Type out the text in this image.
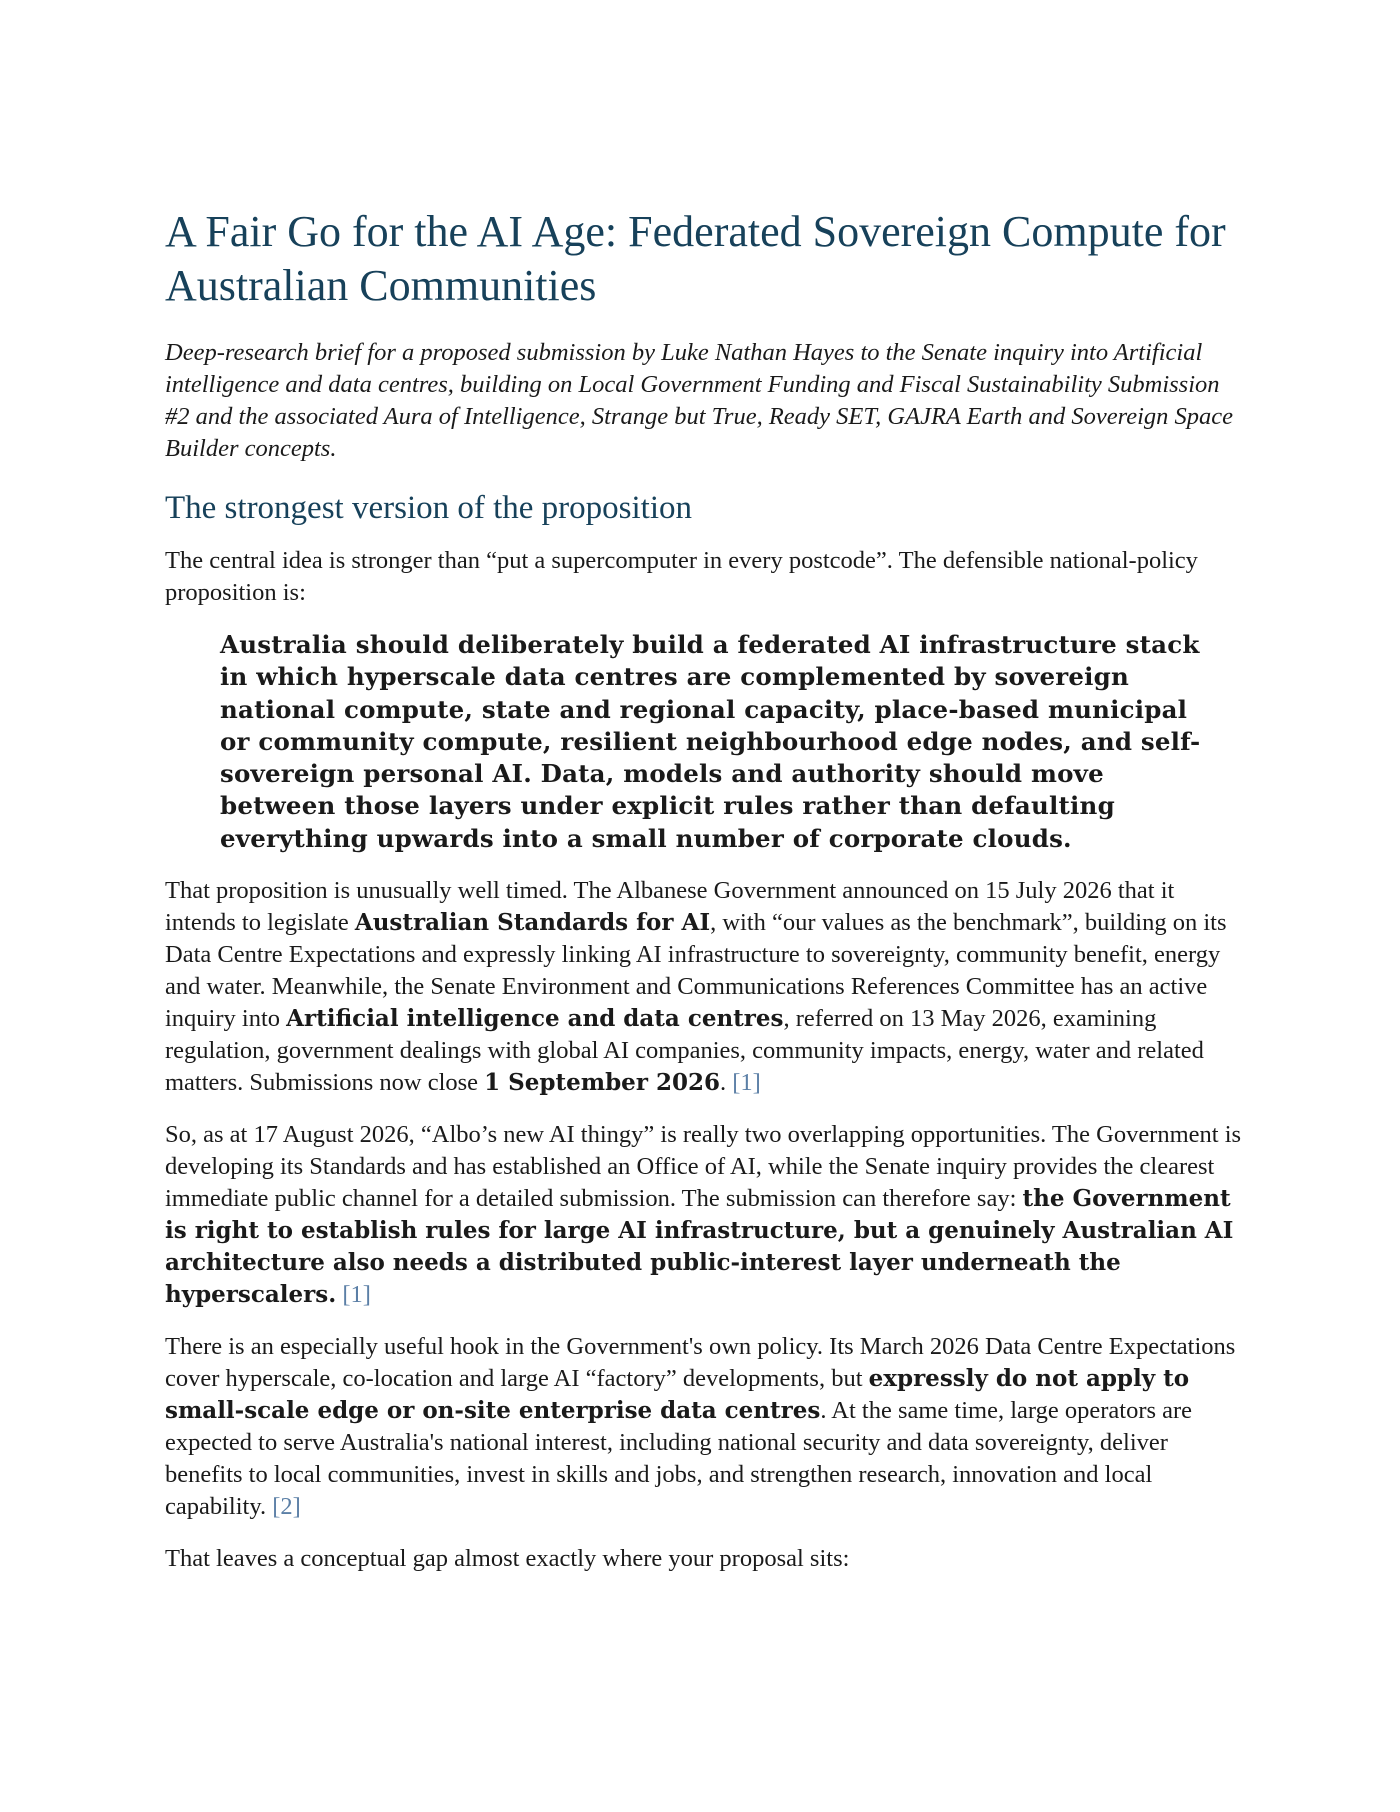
A Fair Go for the AI Age: Federated Sovereign Compute for Australian Communities

Deep-research brief for a proposed submission by Luke Nathan Hayes to the Senate inquiry into Artificial intelligence and data centres, building on Local Government Funding and Fiscal Sustainability Submission #2 and the associated Aura of Intelligence, Strange but True, Ready SET, GAJRA Earth and Sovereign Space Builder concepts.

The strongest version of the proposition

The central idea is stronger than “put a supercomputer in every postcode”. The defensible national-policy proposition is:

Australia should deliberately build a federated AI infrastructure stack in which hyperscale data centres are complemented by sovereign national compute, state and regional capacity, place-based municipal or community compute, resilient neighbourhood edge nodes, and self-sovereign personal AI. Data, models and authority should move between those layers under explicit rules rather than defaulting everything upwards into a small number of corporate clouds.

That proposition is unusually well timed. The Albanese Government announced on 15 July 2026 that it intends to legislate Australian Standards for AI, with “our values as the benchmark”, building on its Data Centre Expectations and expressly linking AI infrastructure to sovereignty, community benefit, energy and water. Meanwhile, the Senate Environment and Communications References Committee has an active inquiry into Artificial intelligence and data centres, referred on 13 May 2026, examining regulation, government dealings with global AI companies, community impacts, energy, water and related matters. Submissions now close 1 September 2026. [1]

So, as at 17 August 2026, “Albo’s new AI thingy” is really two overlapping opportunities. The Government is developing its Standards and has established an Office of AI, while the Senate inquiry provides the clearest immediate public channel for a detailed submission. The submission can therefore say: the Government is right to establish rules for large AI infrastructure, but a genuinely Australian AI architecture also needs a distributed public-interest layer underneath the hyperscalers. [1]

There is an especially useful hook in the Government's own policy. Its March 2026 Data Centre Expectations cover hyperscale, co-location and large AI “factory” developments, but expressly do not apply to small-scale edge or on-site enterprise data centres. At the same time, large operators are expected to serve Australia's national interest, including national security and data sovereignty, deliver benefits to local communities, invest in skills and jobs, and strengthen research, innovation and local capability. [2]

That leaves a conceptual gap almost exactly where your proposal sits:
